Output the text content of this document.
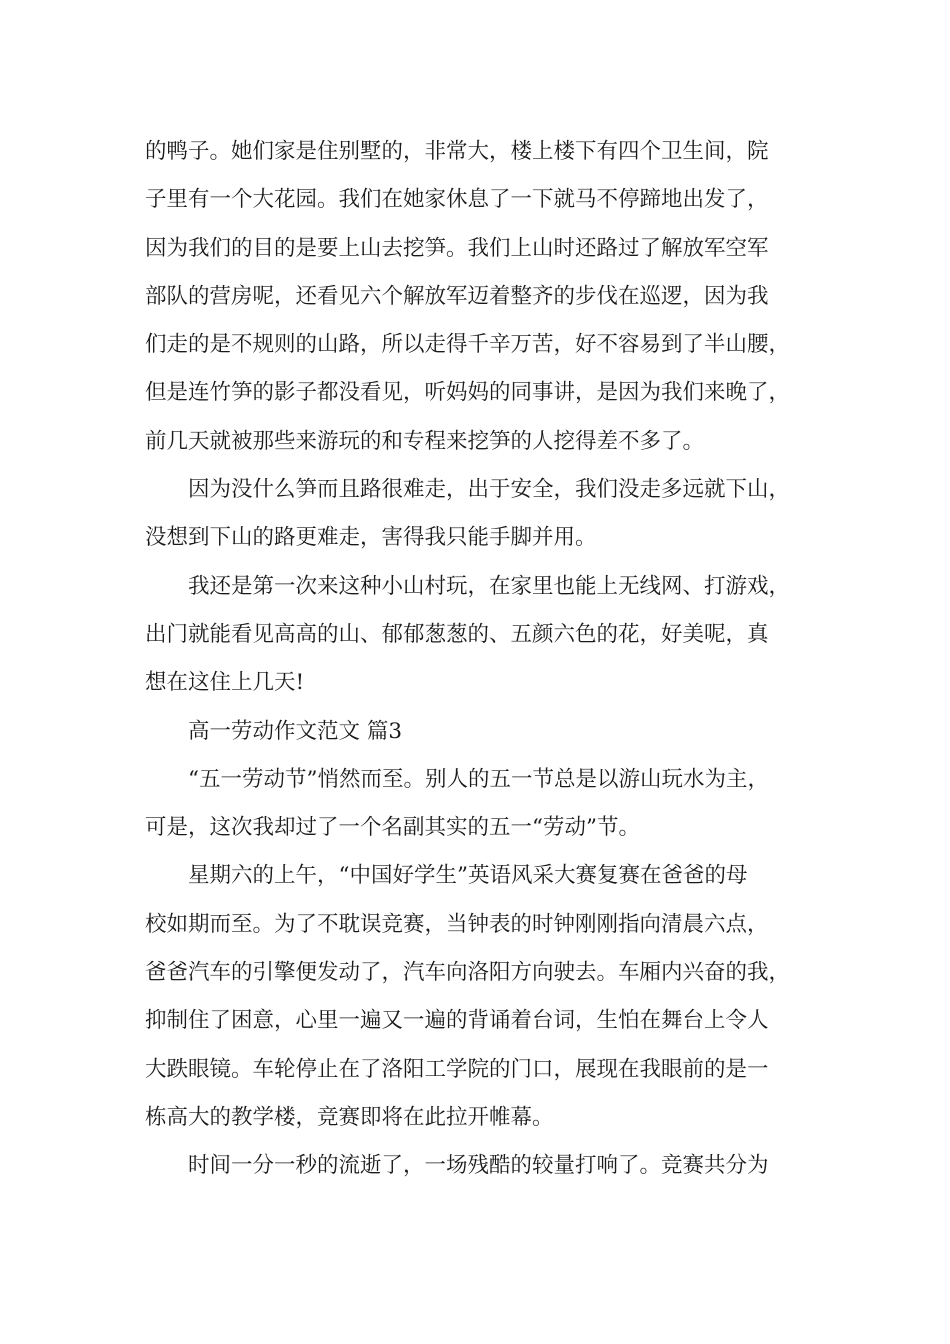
的鸭子。她们家是住别墅的，非常大，楼上楼下有四个卫生间，院
子里有一个大花园。我们在她家休息了一下就马不停蹄地出发了，
因为我们的目的是要上山去挖笋。我们上山时还路过了解放军空军
部队的营房呢，还看见六个解放军迈着整齐的步伐在巡逻，因为我
们走的是不规则的山路，所以走得千辛万苦，好不容易到了半山腰，
但是连竹笋的影子都没看见，听妈妈的同事讲，是因为我们来晚了，
前几天就被那些来游玩的和专程来挖笋的人挖得差不多了。
因为没什么笋而且路很难走，出于安全，我们没走多远就下山，
没想到下山的路更难走，害得我只能手脚并用。
我还是第一次来这种小山村玩，在家里也能上无线网、打游戏，
出门就能看见高高的山、郁郁葱葱的、五颜六色的花，好美呢，真
想在这住上几天!
高一劳动作文范文 篇3
“五一劳动节”悄然而至。别人的五一节总是以游山玩水为主，
可是，这次我却过了一个名副其实的五一“劳动”节。
星期六的上午，“中国好学生”英语风采大赛复赛在爸爸的母
校如期而至。为了不耽误竞赛，当钟表的时钟刚刚指向清晨六点，
爸爸汽车的引擎便发动了，汽车向洛阳方向驶去。车厢内兴奋的我，
抑制住了困意，心里一遍又一遍的背诵着台词，生怕在舞台上令人
大跌眼镜。车轮停止在了洛阳工学院的门口，展现在我眼前的是一
栋高大的教学楼，竞赛即将在此拉开帷幕。
时间一分一秒的流逝了，一场残酷的较量打响了。竞赛共分为
